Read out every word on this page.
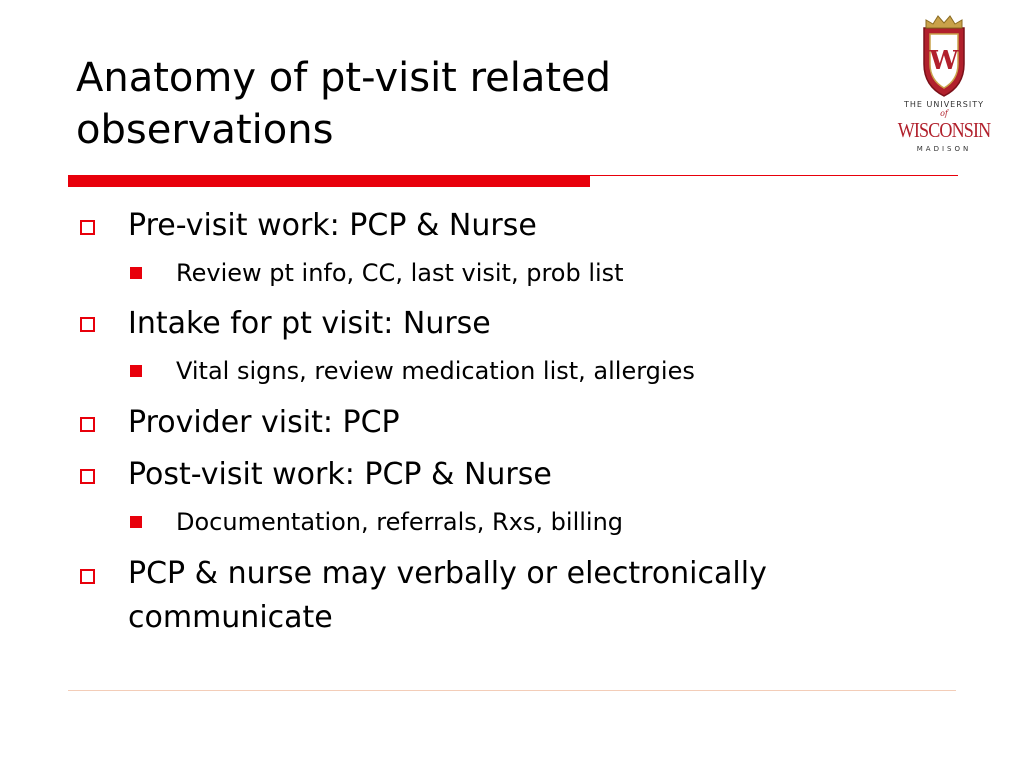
Anatomy of pt-visit related
observations
W
THE UNIVERSITY
of
WISCONSIN
MADISON
Pre-visit work: PCP & Nurse
Review pt info, CC, last visit, prob list
Intake for pt visit: Nurse
Vital signs, review medication list, allergies
Provider visit: PCP
Post-visit work: PCP & Nurse
Documentation, referrals, Rxs, billing
PCP & nurse may verbally or electronically
communicate
